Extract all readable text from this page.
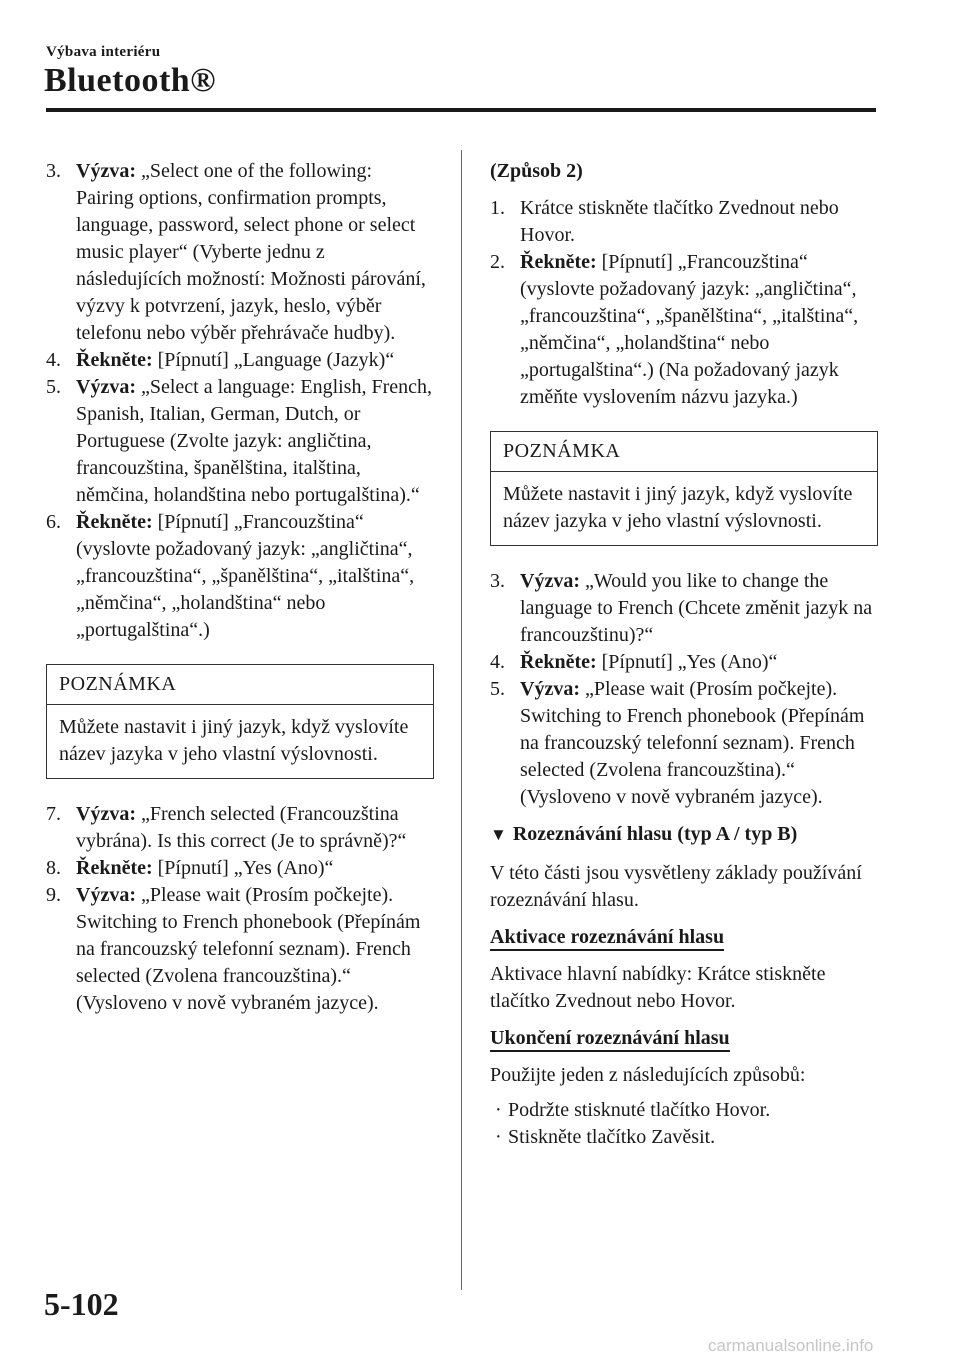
Výbava interiéru
Bluetooth®
3. Výzva: „Select one of the following: Pairing options, confirmation prompts, language, password, select phone or select music player“ (Vyberte jednu z následujících možností: Možnosti párování, výzvy k potvrzení, jazyk, heslo, výběr telefonu nebo výběr přehrávače hudby).
4. Řekněte: [Pípnutí] „Language (Jazyk)“
5. Výzva: „Select a language: English, French, Spanish, Italian, German, Dutch, or Portuguese (Zvolte jazyk: angličtina, francouzština, španělština, italština, němčina, holandština nebo portugalština).“
6. Řekněte: [Pípnutí] „Francouzština“ (vyslovte požadovaný jazyk: „angličtina“, „francouzština“, „španělština“, „italština“, „němčina“, „holandština“ nebo „portugalština“.)
POZNÁMKA
Můžete nastavit i jiný jazyk, když vyslovíte název jazyka v jeho vlastní výslovnosti.
7. Výzva: „French selected (Francouzština vybrána). Is this correct (Je to správně)?“
8. Řekněte: [Pípnutí] „Yes (Ano)“
9. Výzva: „Please wait (Prosím počkejte). Switching to French phonebook (Přepínám na francouzský telefonní seznam). French selected (Zvolena francouzština).“ (Vysloveno v nově vybraném jazyce).
(Způsob 2)
1. Krátce stiskněte tlačítko Zvednout nebo Hovor.
2. Řekněte: [Pípnutí] „Francouzština“ (vyslovte požadovaný jazyk: „angličtina“, „francouzština“, „španělština“, „italština“, „němčina“, „holandština“ nebo „portugalština“.) (Na požadovaný jazyk změňte vyslovením názvu jazyka.)
POZNÁMKA
Můžete nastavit i jiný jazyk, když vyslovíte název jazyka v jeho vlastní výslovnosti.
3. Výzva: „Would you like to change the language to French (Chcete změnit jazyk na francouzštinu)?“
4. Řekněte: [Pípnutí] „Yes (Ano)“
5. Výzva: „Please wait (Prosím počkejte). Switching to French phonebook (Přepínám na francouzský telefonní seznam). French selected (Zvolena francouzština).“ (Vysloveno v nově vybraném jazyce).
▼ Rozeznávání hlasu (typ A / typ B)

V této části jsou vysvětleny základy používání rozeznávání hlasu.

Aktivace rozeznávání hlasu

Aktivace hlavní nabídky: Krátce stiskněte tlačítko Zvednout nebo Hovor.

Ukončení rozeznávání hlasu

Použijte jeden z následujících způsobů:

· Podržte stisknuté tlačítko Hovor.
· Stiskněte tlačítko Zavěsit.
5-102
carmanualsonline.info
